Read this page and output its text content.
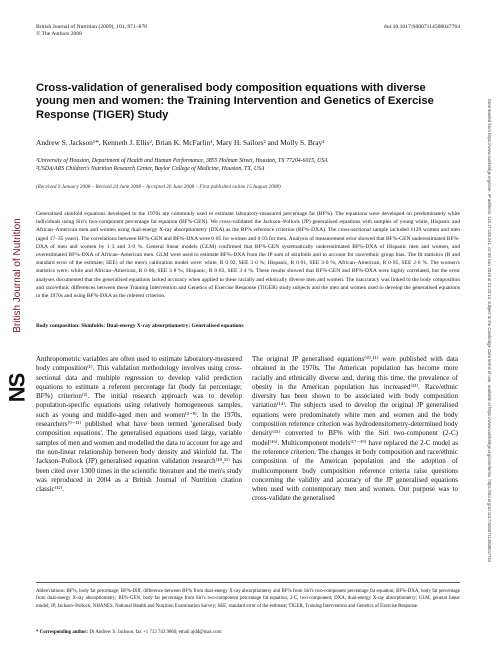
British Journal of Nutrition (2009), 101, 871–878
© The Authors 2008
doi:10.1017/S0007114508047764
British Journal of Nutrition
NS	Downloaded from https://www.cambridge.org/core. IP address: 119.17.169.241, on 06 Nov 2019 at 21:23:13, subject to the Cambridge Core terms of use, available at https://www.cambridge.org/core/terms. https://doi.org/10.1017/S0007114508047764
Cross-validation of generalised body composition equations with diverse young men and women: the Training Intervention and Genetics of Exercise Response (TIGER) Study
Andrew S. Jackson¹*, Kenneth J. Ellis², Brian K. McFarlin¹, Mary H. Sailors² and Molly S. Bray²
¹University of Houston, Department of Health and Human Performance, 3855 Holman Street, Houston, TX 77204-6015, USA
²USDA/ARS Children's Nutrition Research Center, Baylor College of Medicine, Houston, TX, USA
(Received 9 January 2008 – Revised 24 June 2008 – Accepted 26 June 2008 – First published online 15 August 2008)
Generalised skinfold equations developed in the 1970s are commonly used to estimate laboratory-measured percentage fat (BF%). The equations were developed on predominately white individuals using Siri's two-component percentage fat equation (BF%-GEN). We cross-validated the Jackson–Pollock (JP) generalised equations with samples of young white, Hispanic and African–American men and women using dual-energy X-ray absorptiometry (DXA) as the BF% reference criterion (BF%-DXA). The cross-sectional sample included 1129 women and men (aged 17–35 years). The correlations between BF%-GEN and BF%-DXA were 0·85 for women and 0·93 for men. Analysis of measurement error showed that BF%-GEN underestimated BF%-DXA of men and women by 1·3 and 3·0 %. General linear models (GLM) confirmed that BF%-GEN systematically underestimated BF%-DXA of Hispanic men and women, and overestimated BF%-DXA of African–American men. GLM were used to estimate BF%-DXA from the JP sum of skinfolds and to account for race/ethnic group bias. The fit statistics (R and standard error of the estimate; SEE) of the men's calibration model were: white, R 0·92, SEE 3·0 %; Hispanic, R 0·91, SEE 3·0 %; African–American, R 0·95, SEE 2·6 %. The women's statistics were: white and African–American, R 0·86, SEE 3·8 %; Hispanic, R 0·83, SEE 3·4 %. These results showed that BF%-GEN and BF%-DXA were highly correlated, but the error analyses documented that the generalised equations lacked accuracy when applied to these racially and ethnically diverse men and women. The inaccuracy was linked to the body composition and race/ethnic differences between these Training Intervention and Genetics of Exercise Response (TIGER) study subjects and the men and women used to develop the generalised equations in the 1970s and using BF%-DXA as the referent criterion.
Body composition: Skinfolds: Dual-energy X-ray absorptiometry: Generalised equations

Anthropometric variables are often used to estimate laboratory-measured body composition⁽¹⁾. This validation methodology involves using cross-sectional data and multiple regression to develop valid prediction equations to estimate a referent percentage fat (body fat percentage; BF%) criterion⁽²⁾. The initial research approach was to develop population-specific equations using relatively homogeneous samples, such as young and middle-aged men and women⁽³⁻⁸⁾. In the 1970s, researchers⁽⁹⁻¹¹⁾ published what have been termed 'generalised body composition equations'. The generalised equations used large, variable samples of men and women and modelled the data to account for age and the non-linear relationship between body density and skinfold fat. The Jackson–Pollock (JP) generalised equation validation research⁽¹⁰,¹¹⁾ has been cited over 1300 times in the scientific literature and the men's study was reproduced in 2004 as a British Journal of Nutrition citation classic⁽¹²⁾.

The original JP generalised equations⁽¹⁰,¹¹⁾ were published with data obtained in the 1970s. The American population has become more racially and ethnically diverse and, during this time, the prevalence of obesity in the American population has increased⁽¹³⁾. Race/ethnic diversity has been shown to be associated with body composition variation⁽¹⁴⁾. The subjects used to develop the original JP generalised equations were predominately white men and women and the body composition reference criterion was hydrodensitometry-determined body density⁽¹⁵⁾ converted to BF% with the Siri two-component (2-C) model⁽¹⁶⁾. Multicomponent models⁽¹⁷⁻¹⁹⁾ have replaced the 2-C model as the reference criterion. The changes in body composition and race/ethnic composition of the American population and the adoption of multicomponent body composition reference criteria raise questions concerning the validity and accuracy of the JP generalised equations when used with contemporary men and women. Our purpose was to cross-validate the generalised

Abbreviations: BF%, body fat percentage; BF%-Diff, difference between BF% from dual-energy X-ray absorptiometry and BF% from Siri's two-component percentage fat equation; BF%-DXA, body fat percentage from dual-energy X-ray absorptiometry; BF%-GEN, body fat percentage from Siri's two-component percentage fat equation; 2-C, two-component; DXA, dual-energy X-ray absorptiometry; GLM, general linear model; JP, Jackson–Pollock; NHANES, National Health and Nutrition Examination Survey; SEE, standard error of the estimate; TIGER, Training Intervention and Genetics of Exercise Response.
* Corresponding author: Dr Andrew S. Jackson, fax +1 713 743 9860, email ajdd@mac.com
